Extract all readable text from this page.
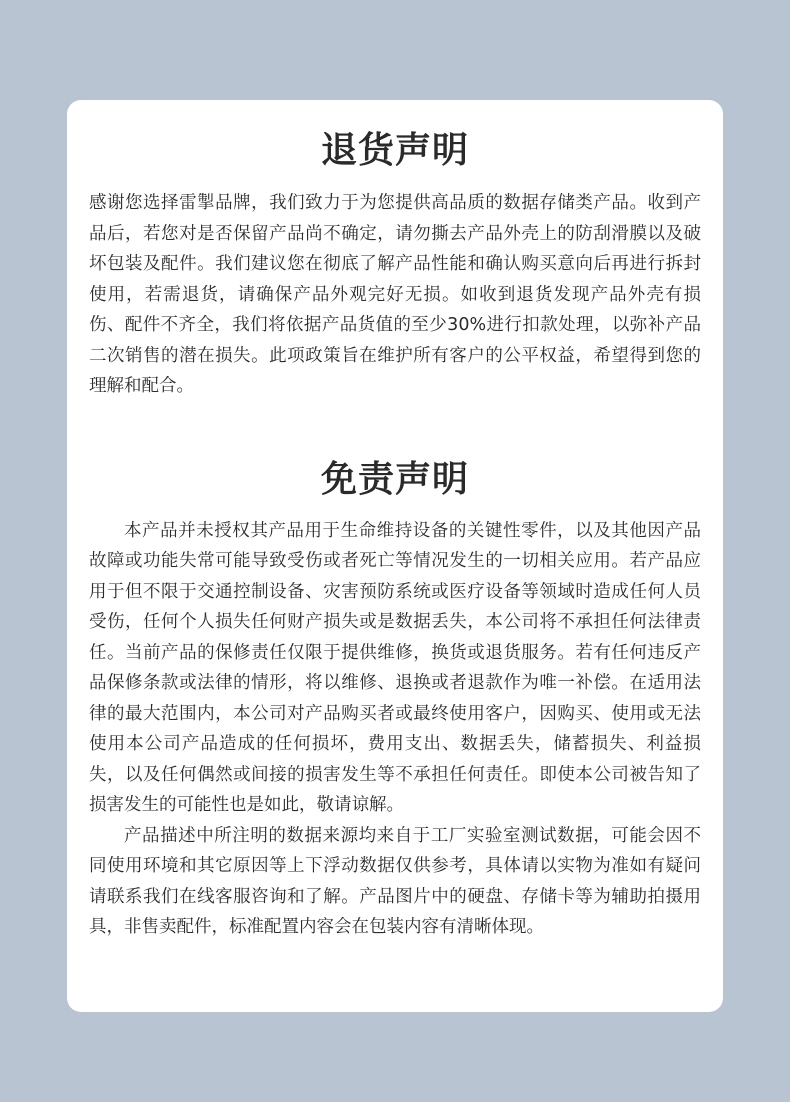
退货声明

感谢您选择雷掣品牌，我们致力于为您提供高品质的数据存储类产品。收到产品后，若您对是否保留产品尚不确定，请勿撕去产品外壳上的防刮滑膜以及破坏包装及配件。我们建议您在彻底了解产品性能和确认购买意向后再进行拆封使用，若需退货，请确保产品外观完好无损。如收到退货发现产品外壳有损伤、配件不齐全，我们将依据产品货值的至少30%进行扣款处理，以弥补产品二次销售的潜在损失。此项政策旨在维护所有客户的公平权益，希望得到您的理解和配合。

免责声明

本产品并未授权其产品用于生命维持设备的关键性零件，以及其他因产品故障或功能失常可能导致受伤或者死亡等情况发生的一切相关应用。若产品应用于但不限于交通控制设备、灾害预防系统或医疗设备等领域时造成任何人员受伤，任何个人损失任何财产损失或是数据丢失，本公司将不承担任何法律责任。当前产品的保修责任仅限于提供维修，换货或退货服务。若有任何违反产品保修条款或法律的情形，将以维修、退换或者退款作为唯一补偿。在适用法律的最大范围内，本公司对产品购买者或最终使用客户，因购买、使用或无法使用本公司产品造成的任何损坏，费用支出、数据丢失，储蓄损失、利益损失，以及任何偶然或间接的损害发生等不承担任何责任。即使本公司被告知了损害发生的可能性也是如此，敬请谅解。

产品描述中所注明的数据来源均来自于工厂实验室测试数据，可能会因不同使用环境和其它原因等上下浮动数据仅供参考，具体请以实物为准如有疑问请联系我们在线客服咨询和了解。产品图片中的硬盘、存储卡等为辅助拍摄用具，非售卖配件，标准配置内容会在包装内容有清晰体现。
